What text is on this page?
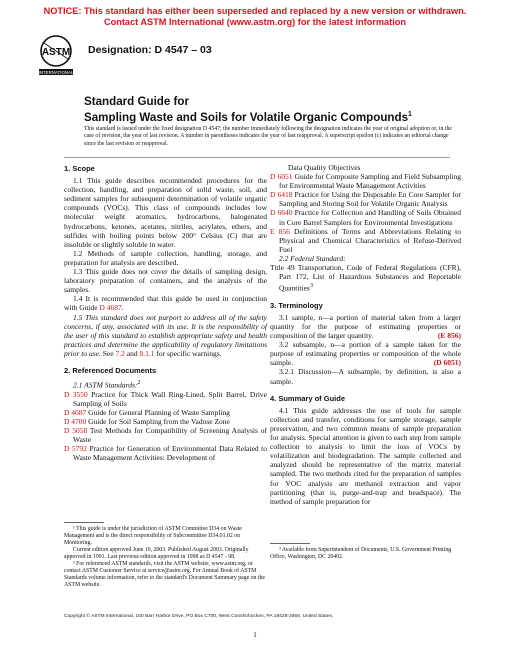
NOTICE: This standard has either been superseded and replaced by a new version or withdrawn.
Contact ASTM International (www.astm.org) for the latest information
ASTM
INTERNATIONAL
Designation: D 4547 – 03
Standard Guide for
Sampling Waste and Soils for Volatile Organic Compounds$^1$
This standard is issued under the fixed designation D 4547; the number immediately following the designation indicates the year of original adoption or, in the case of revision, the year of last revision. A number in parentheses indicates the year of last reapproval. A superscript epsilon (ε) indicates an editorial change since the last revision or reapproval.

1. Scope

1.1 This guide describes recommended procedures for the collection, handling, and preparation of solid waste, soil, and sediment samples for subsequent determination of volatile organic compounds (VOCs). This class of compounds includes low molecular weight aromatics, hydrocarbons, halogenated hydrocarbons, ketones, acetates, nitriles, acrylates, ethers, and sulfides with boiling points below 200° Celsius (C) that are insoluble or slightly soluble in water.

1.2 Methods of sample collection, handling, storage, and preparation for analysis are described.

1.3 This guide does not cover the details of sampling design, laboratory preparation of containers, and the analysis of the samples.

1.4 It is recommended that this guide be used in conjunction with Guide D 4687.

1.5 This standard does not purport to address all of the safety concerns, if any, associated with its use. It is the responsibility of the user of this standard to establish appropriate safety and health practices and determine the applicability of regulatory limitations prior to use. See 7.2 and 8.1.1 for specific warnings.

2. Referenced Documents

2.1 ASTM Standards:$^2$

D 3550 Practice for Thick Wall Ring-Lined, Split Barrel, Drive Sampling of Soils

D 4687 Guide for General Planning of Waste Sampling

D 4700 Guide for Soil Sampling from the Vadose Zone

D 5058 Test Methods for Compatibility of Screening Analysis of Waste

D 5792 Practice for Generation of Environmental Data Related to Waste Management Activities: Development of

¹ This guide is under the jurisdiction of ASTM Committee D34 on Waste Management and is the direct responsibility of Subcommittee D34.01.02 on Monitoring.
Current edition approved June 10, 2003. Published August 2003. Originally approved in 1991. Last previous edition approved in 1998 as D 4547 - 98.
² For referenced ASTM standards, visit the ASTM website, www.astm.org, or contact ASTM Customer Service at service@astm.org. For Annual Book of ASTM Standards volume information, refer to the standard's Document Summary page on the ASTM website.

Data Quality Objectives

D 6051 Guide for Composite Sampling and Field Subsampling for Environmental Waste Management Activities

D 6418 Practice for Using the Disposable En Core Sampler for Sampling and Storing Soil for Volatile Organic Analysis

D 6640 Practice for Collection and Handling of Soils Obtained in Core Barrel Samplers for Environmental Investigations

E 856 Definitions of Terms and Abbreviations Relating to Physical and Chemical Characteristics of Refuse-Derived Fuel

2.2 Federal Standard:

Title 49 Transportation, Code of Federal Regulations (CFR), Part 172, List of Hazardous Substances and Reportable Quantities$^3$

3. Terminology

3.1 sample, n—a portion of material taken from a larger quantity for the purpose of estimating properties or composition of the larger quantity.	(E 856)

3.2 subsample, n—a portion of a sample taken for the purpose of estimating properties or composition of the whole sample.	(D 6051)

3.2.1 Discussion—A subsample, by definition, is also a sample.

4. Summary of Guide

4.1 This guide addresses the use of tools for sample collection and transfer, conditions for sample storage, sample preservation, and two common means of sample preparation for analysis. Special attention is given to each step from sample collection to analysis to limit the loss of VOCs by volatilization and biodegradation. The sample collected and analyzed should be representative of the matrix material sampled. The two methods cited for the preparation of samples for VOC analysis are methanol extraction and vapor partitioning (that is, purge-and-trap and headspace). The method of sample preparation for

³ Available from Superintendent of Documents, U.S. Government Printing Office, Washington, DC 20402.
Copyright © ASTM International, 100 Barr Harbor Drive, PO Box C700, West Conshohocken, PA 19428-2959, United States.
1
